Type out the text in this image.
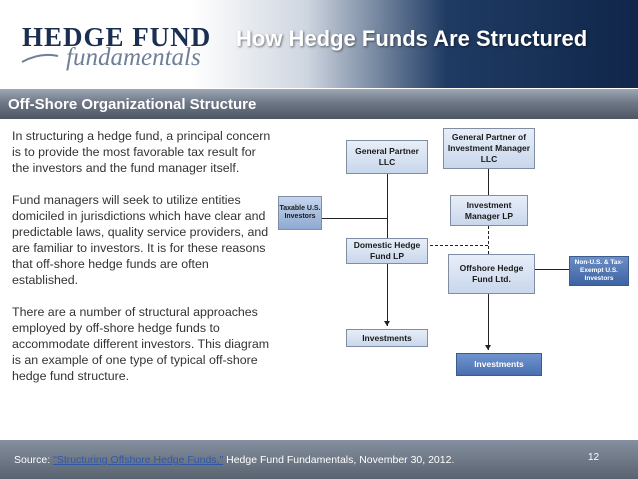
HEDGE FUND
fundamentals
How Hedge Funds Are Structured
Off-Shore Organizational Structure

In structuring a hedge fund, a principal concern is to provide the most favorable tax result for the investors and the fund manager itself.

Fund managers will seek to utilize entities domiciled in jurisdictions which have clear and predictable laws, quality service providers, and are familiar to investors. It is for these reasons that off-shore hedge funds are often established.

There are a number of structural approaches employed by off-shore hedge funds to accommodate different investors. This diagram is an example of one type of typical off-shore hedge fund structure.

General Partner LLC
Taxable U.S. Investors
Domestic Hedge Fund LP
Investments
General Partner of Investment Manager LLC
Investment Manager LP
Offshore Hedge Fund Ltd.
Non-U.S. & Tax-Exempt U.S. Investors
Investments
Source: "Structuring Offshore Hedge Funds," Hedge Fund Fundamentals, November 30, 2012.	12
